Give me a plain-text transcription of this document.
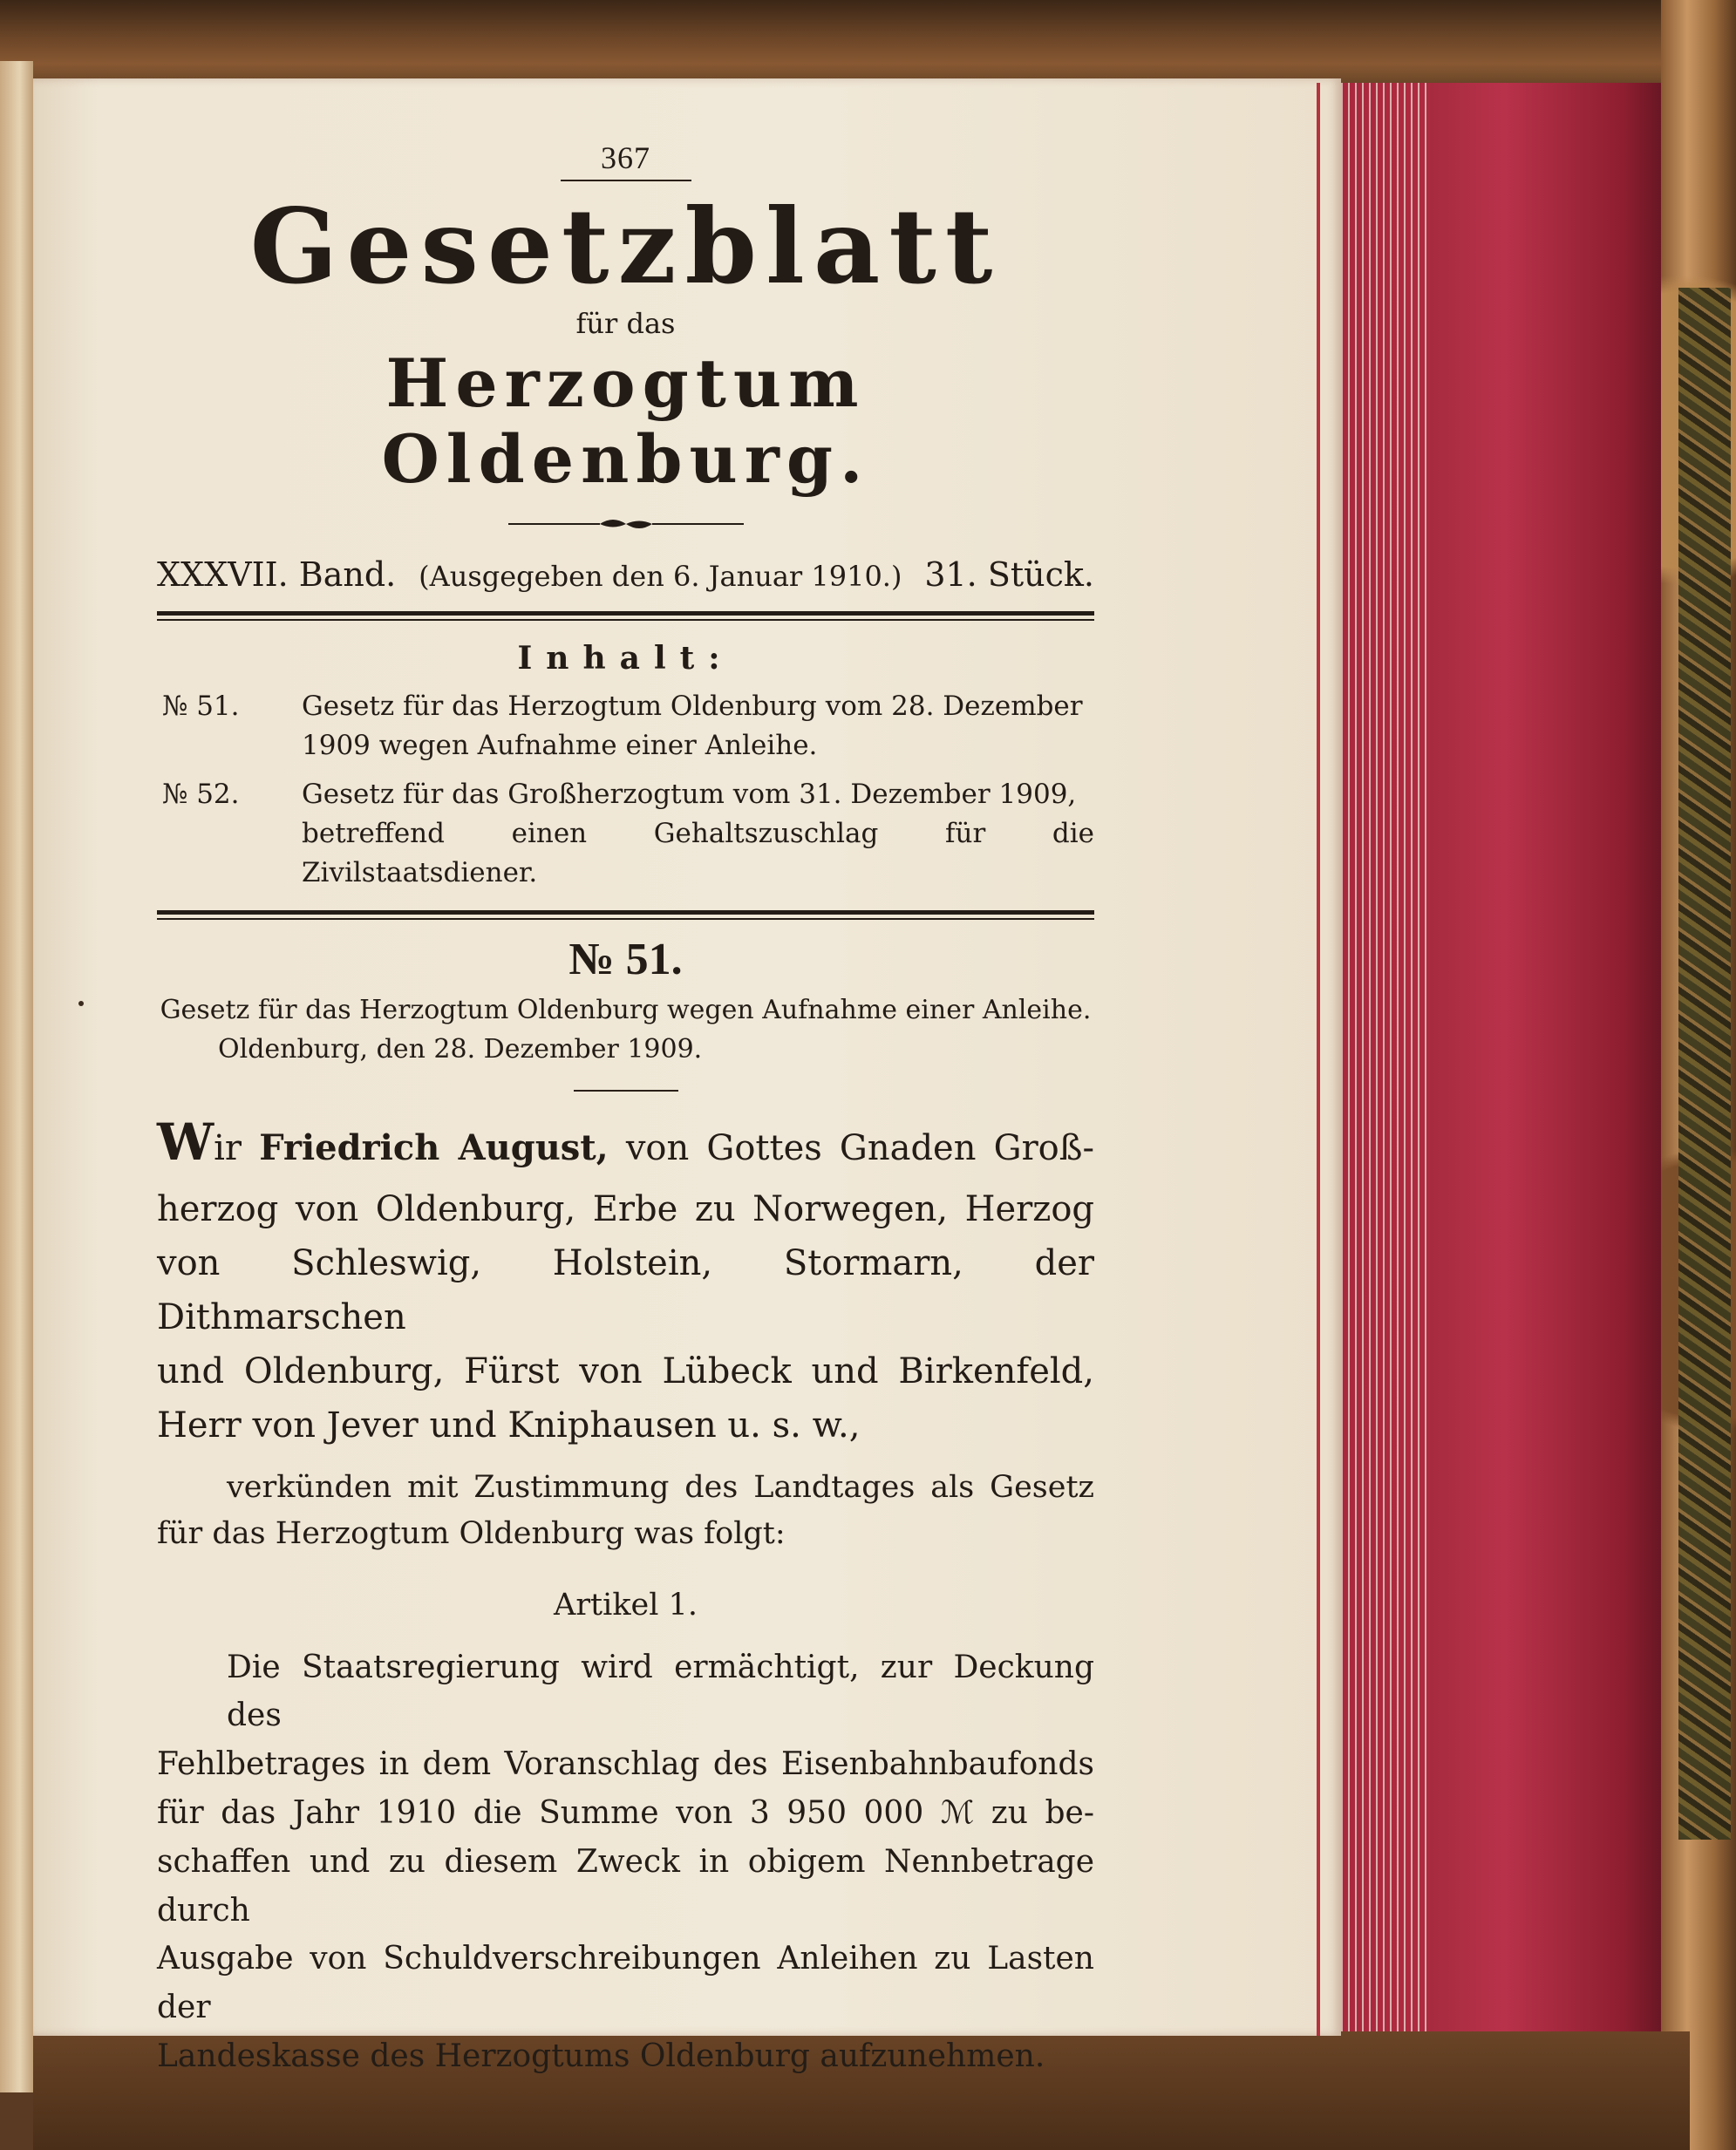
367

Gesetzblatt

für das

Herzogtum Oldenburg.
XXXVII. Band. (Ausgegeben den 6. Januar 1910.) 31. Stück.
Inhalt:
№ 51.	Gesetz für das Herzogtum Oldenburg vom 28. Dezember
1909 wegen Aufnahme einer Anleihe.
№ 52.	Gesetz für das Großherzogtum vom 31. Dezember 1909,
betreffend einen Gehaltszuschlag für die Zivilstaatsdiener.
№ 51.
Gesetz für das Herzogtum Oldenburg wegen Aufnahme einer Anleihe.
Oldenburg, den 28. Dezember 1909.
Wir Friedrich August, von Gottes Gnaden Groß-
herzog von Oldenburg, Erbe zu Norwegen, Herzog
von Schleswig, Holstein, Stormarn, der Dithmarschen
und Oldenburg, Fürst von Lübeck und Birkenfeld,
Herr von Jever und Kniphausen u. s. w.,
verkünden mit Zustimmung des Landtages als Gesetz
für das Herzogtum Oldenburg was folgt:
Artikel 1.
Die Staatsregierung wird ermächtigt, zur Deckung des
Fehlbetrages in dem Voranschlag des Eisenbahnbaufonds
für das Jahr 1910 die Summe von 3 950 000 ℳ zu be-
schaffen und zu diesem Zweck in obigem Nennbetrage durch
Ausgabe von Schuldverschreibungen Anleihen zu Lasten der
Landeskasse des Herzogtums Oldenburg aufzunehmen.
